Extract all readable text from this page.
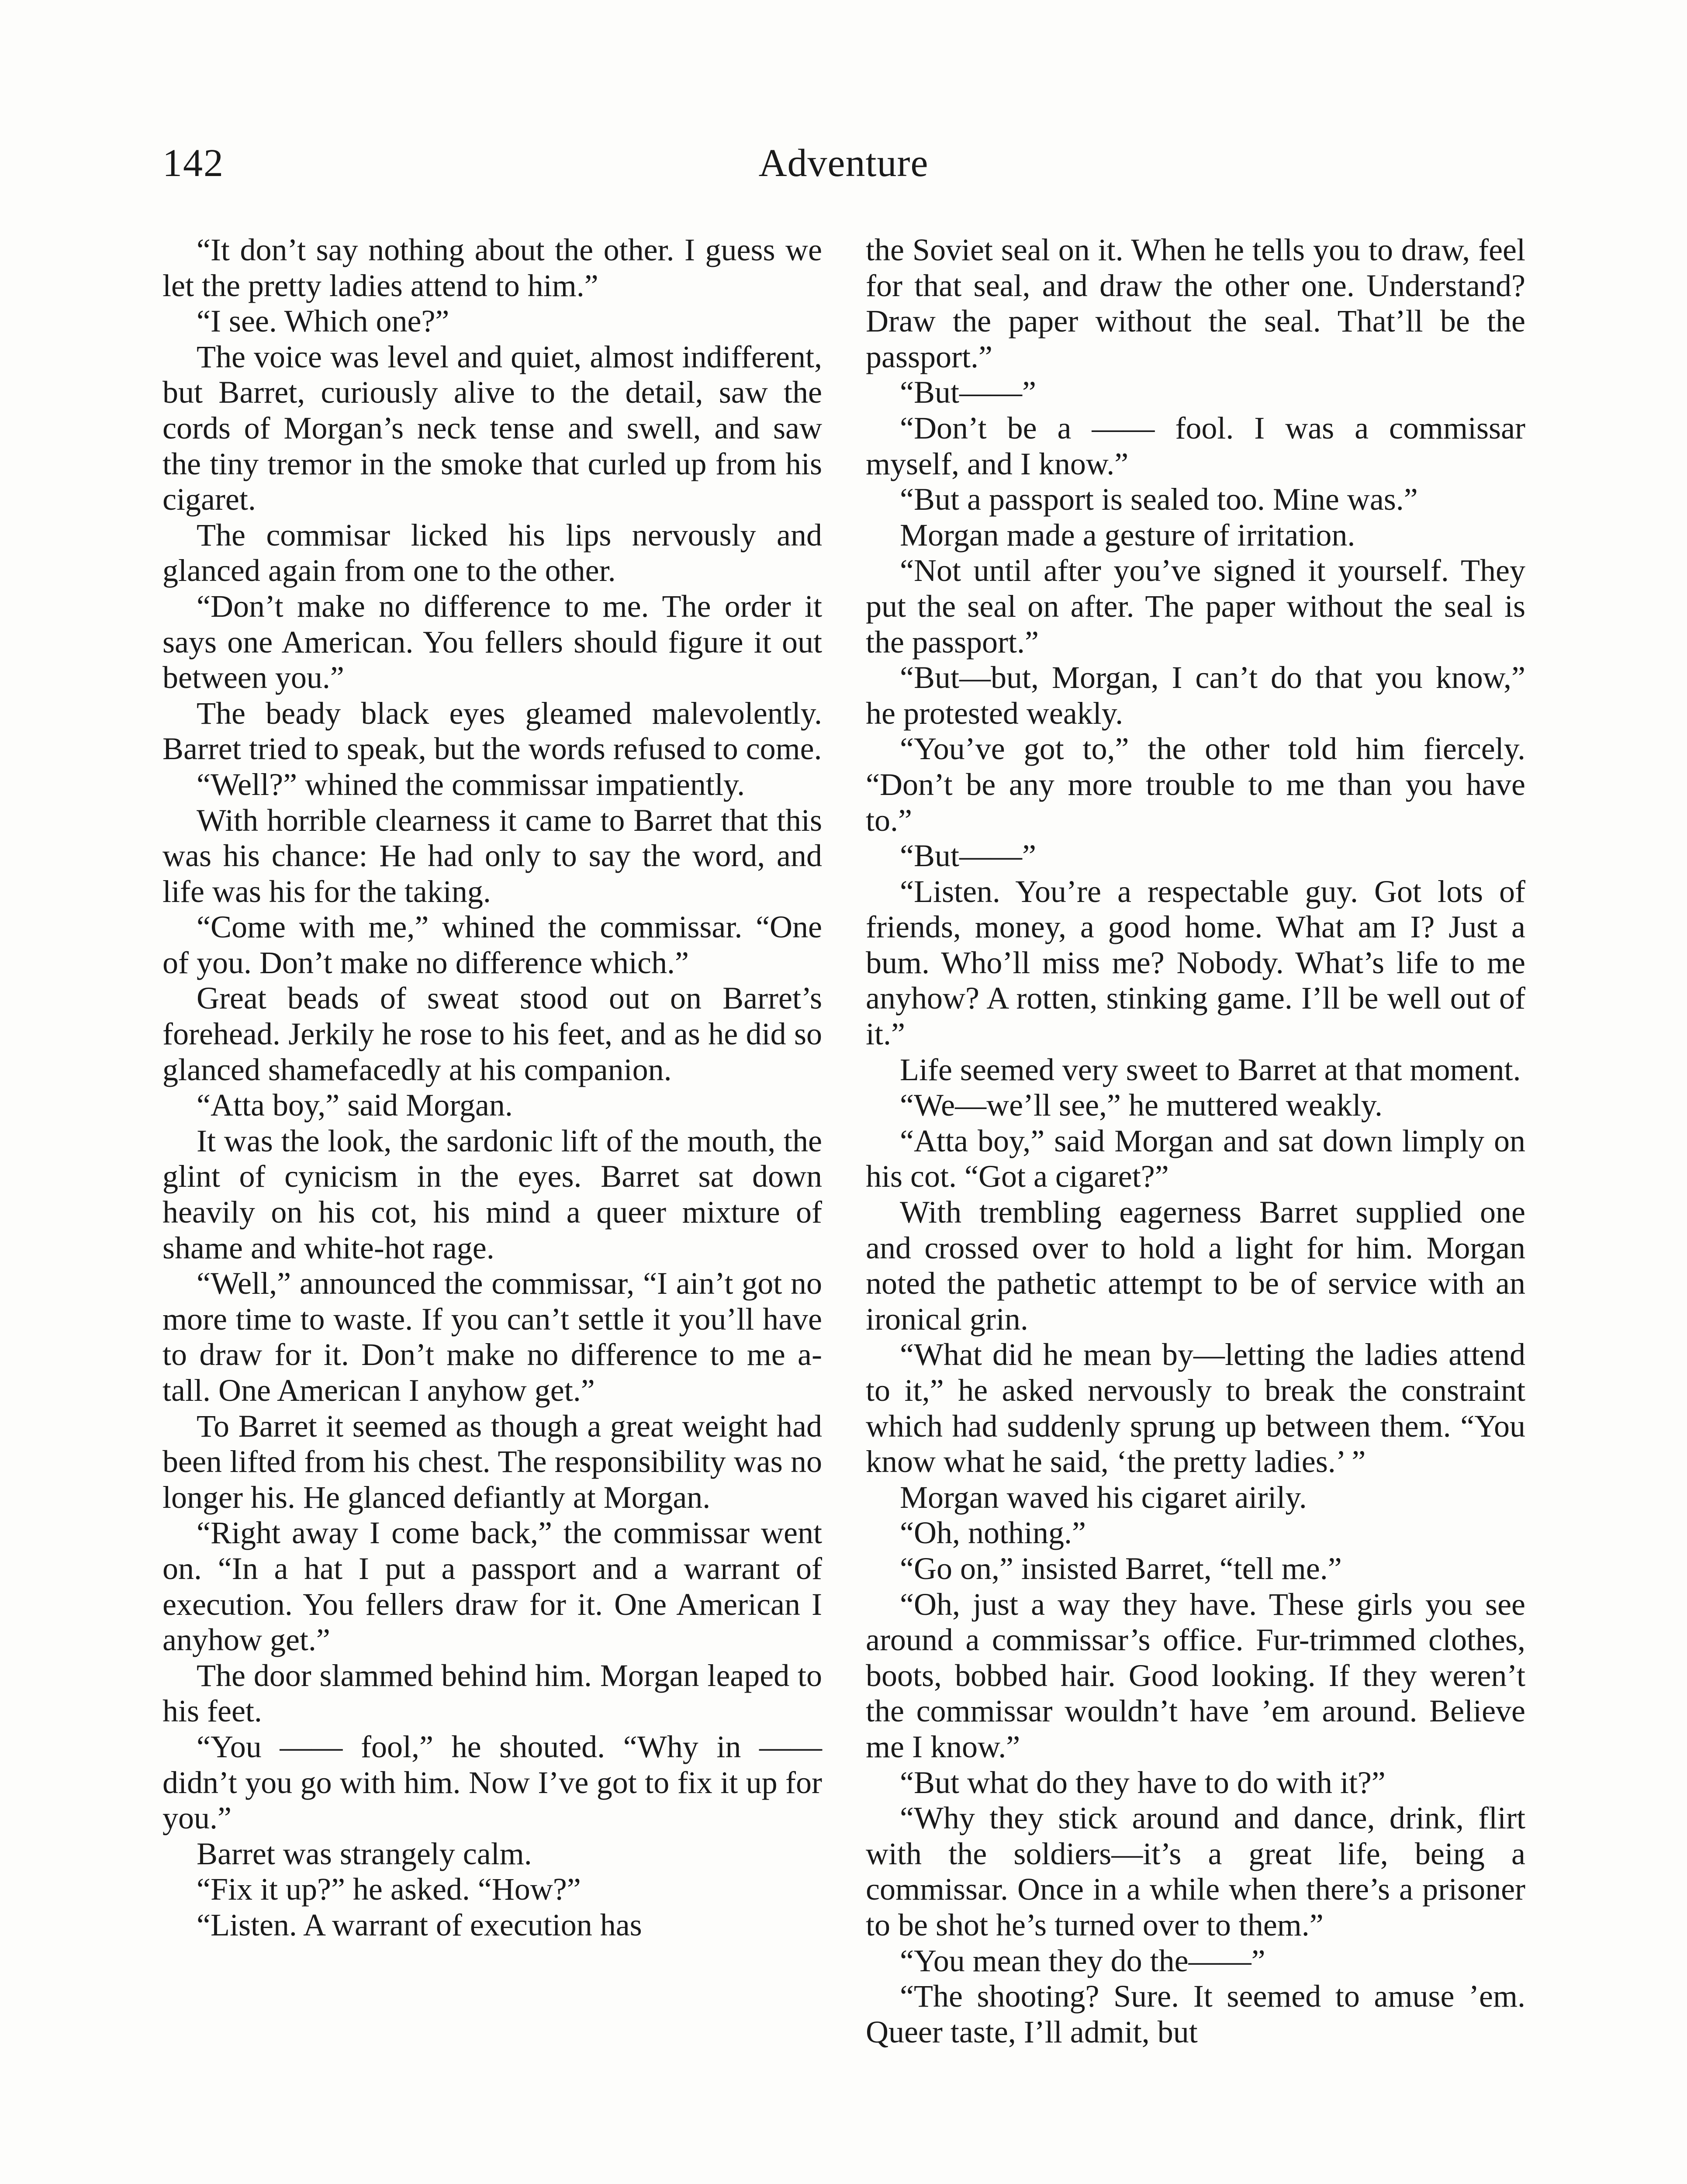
142	Adventure

“It don’t say nothing about the other. I guess we let the pretty ladies attend to him.”

“I see. Which one?”

The voice was level and quiet, almost indifferent, but Barret, curiously alive to the detail, saw the cords of Morgan’s neck tense and swell, and saw the tiny tremor in the smoke that curled up from his cigaret.

The commisar licked his lips nervously and glanced again from one to the other.

“Don’t make no difference to me. The order it says one American. You fellers should figure it out between you.”

The beady black eyes gleamed malevolently. Barret tried to speak, but the words refused to come.

“Well?” whined the commissar impatiently.

With horrible clearness it came to Barret that this was his chance: He had only to say the word, and life was his for the taking.

“Come with me,” whined the commissar. “One of you. Don’t make no difference which.”

Great beads of sweat stood out on Barret’s forehead. Jerkily he rose to his feet, and as he did so glanced shamefacedly at his companion.

“Atta boy,” said Morgan.

It was the look, the sardonic lift of the mouth, the glint of cynicism in the eyes. Barret sat down heavily on his cot, his mind a queer mixture of shame and white-hot rage.

“Well,” announced the commissar, “I ain’t got no more time to waste. If you can’t settle it you’ll have to draw for it. Don’t make no difference to me a-tall. One American I anyhow get.”

To Barret it seemed as though a great weight had been lifted from his chest. The responsibility was no longer his. He glanced defiantly at Morgan.

“Right away I come back,” the commissar went on. “In a hat I put a passport and a warrant of execution. You fellers draw for it. One American I anyhow get.”

The door slammed behind him. Morgan leaped to his feet.

“You —— fool,” he shouted. “Why in —— didn’t you go with him. Now I’ve got to fix it up for you.”

Barret was strangely calm.

“Fix it up?” he asked. “How?”

“Listen. A warrant of execution has

the Soviet seal on it. When he tells you to draw, feel for that seal, and draw the other one. Understand? Draw the paper without the seal. That’ll be the passport.”

“But——”

“Don’t be a —— fool. I was a commissar myself, and I know.”

“But a passport is sealed too. Mine was.”

Morgan made a gesture of irritation.

“Not until after you’ve signed it yourself. They put the seal on after. The paper without the seal is the passport.”

“But—but, Morgan, I can’t do that you know,” he protested weakly.

“You’ve got to,” the other told him fiercely. “Don’t be any more trouble to me than you have to.”

“But——”

“Listen. You’re a respectable guy. Got lots of friends, money, a good home. What am I? Just a bum. Who’ll miss me? Nobody. What’s life to me anyhow? A rotten, stinking game. I’ll be well out of it.”

Life seemed very sweet to Barret at that moment.

“We—we’ll see,” he muttered weakly.

“Atta boy,” said Morgan and sat down limply on his cot. “Got a cigaret?”

With trembling eagerness Barret supplied one and crossed over to hold a light for him. Morgan noted the pathetic attempt to be of service with an ironical grin.

“What did he mean by—letting the ladies attend to it,” he asked nervously to break the constraint which had suddenly sprung up between them. “You know what he said, ‘the pretty ladies.’ ”

Morgan waved his cigaret airily.

“Oh, nothing.”

“Go on,” insisted Barret, “tell me.”

“Oh, just a way they have. These girls you see around a commissar’s office. Fur-trimmed clothes, boots, bobbed hair. Good looking. If they weren’t the commissar wouldn’t have ’em around. Believe me I know.”

“But what do they have to do with it?”

“Why they stick around and dance, drink, flirt with the soldiers—it’s a great life, being a commissar. Once in a while when there’s a prisoner to be shot he’s turned over to them.”

“You mean they do the——”

“The shooting? Sure. It seemed to amuse ’em. Queer taste, I’ll admit, but
